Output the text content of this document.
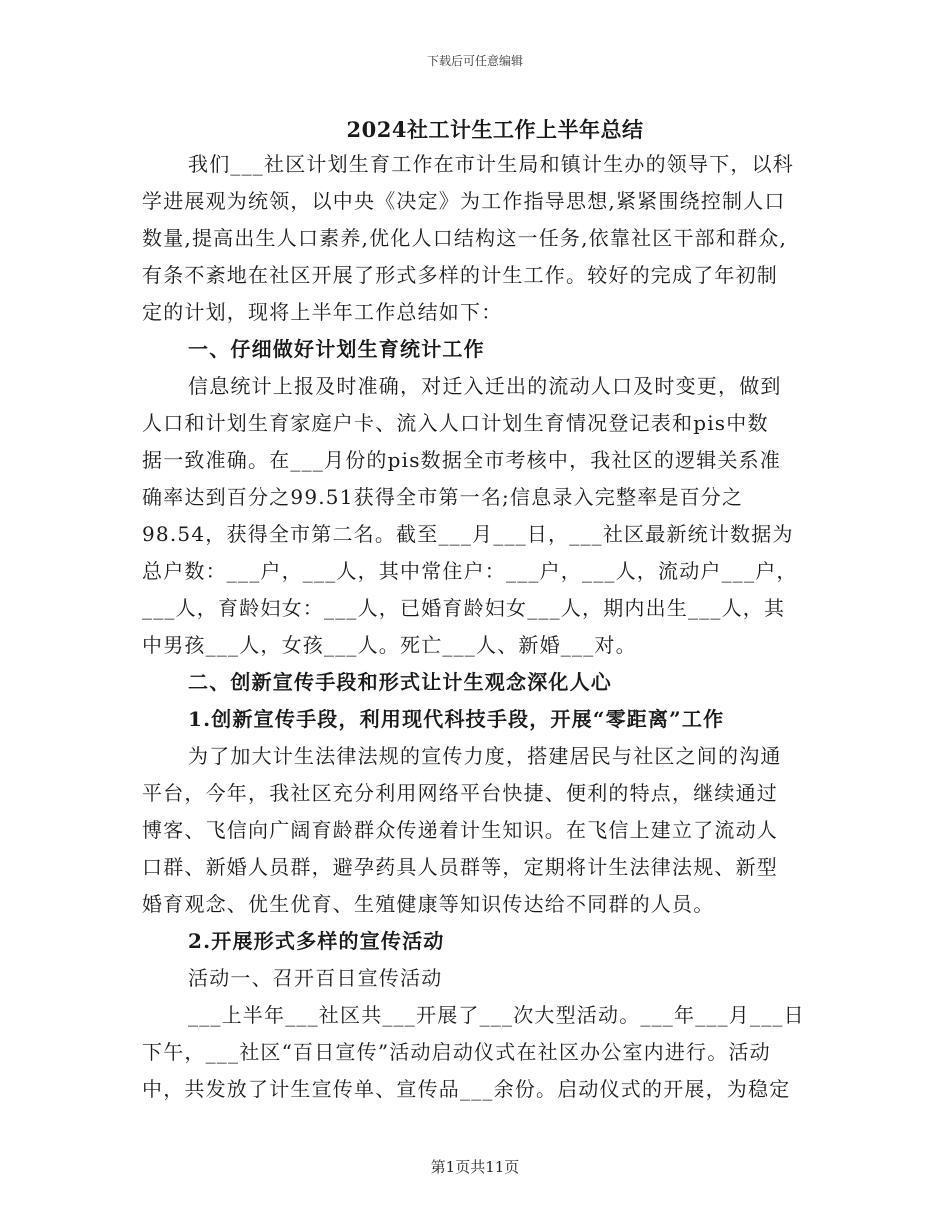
下载后可任意编辑
2024社工计生工作上半年总结

我们___社区计划生育工作在市计生局和镇计生办的领导下，以科

学进展观为统领，以中央《决定》为工作指导思想,紧紧围绕控制人口

数量,提高出生人口素养,优化人口结构这一任务,依靠社区干部和群众,

有条不紊地在社区开展了形式多样的计生工作。较好的完成了年初制

定的计划，现将上半年工作总结如下：

一、仔细做好计划生育统计工作

信息统计上报及时准确，对迁入迁出的流动人口及时变更，做到

人口和计划生育家庭户卡、流入人口计划生育情况登记表和pis中数

据一致准确。在___月份的pis数据全市考核中，我社区的逻辑关系准

确率达到百分之99.51获得全市第一名;信息录入完整率是百分之

98.54，获得全市第二名。截至___月___日，___社区最新统计数据为

总户数：___户，___人，其中常住户：___户，___人，流动户___户，

___人，育龄妇女：___人，已婚育龄妇女___人，期内出生___人，其

中男孩___人，女孩___人。死亡___人、新婚___对。

二、创新宣传手段和形式让计生观念深化人心

1.创新宣传手段，利用现代科技手段，开展“零距离”工作

为了加大计生法律法规的宣传力度，搭建居民与社区之间的沟通

平台，今年，我社区充分利用网络平台快捷、便利的特点，继续通过

博客、飞信向广阔育龄群众传递着计生知识。在飞信上建立了流动人

口群、新婚人员群，避孕药具人员群等，定期将计生法律法规、新型

婚育观念、优生优育、生殖健康等知识传达给不同群的人员。

2.开展形式多样的宣传活动

活动一、召开百日宣传活动

___上半年___社区共___开展了___次大型活动。___年___月___日

下午，___社区“百日宣传”活动启动仪式在社区办公室内进行。活动

中，共发放了计生宣传单、宣传品___余份。启动仪式的开展，为稳定

第1页共11页
